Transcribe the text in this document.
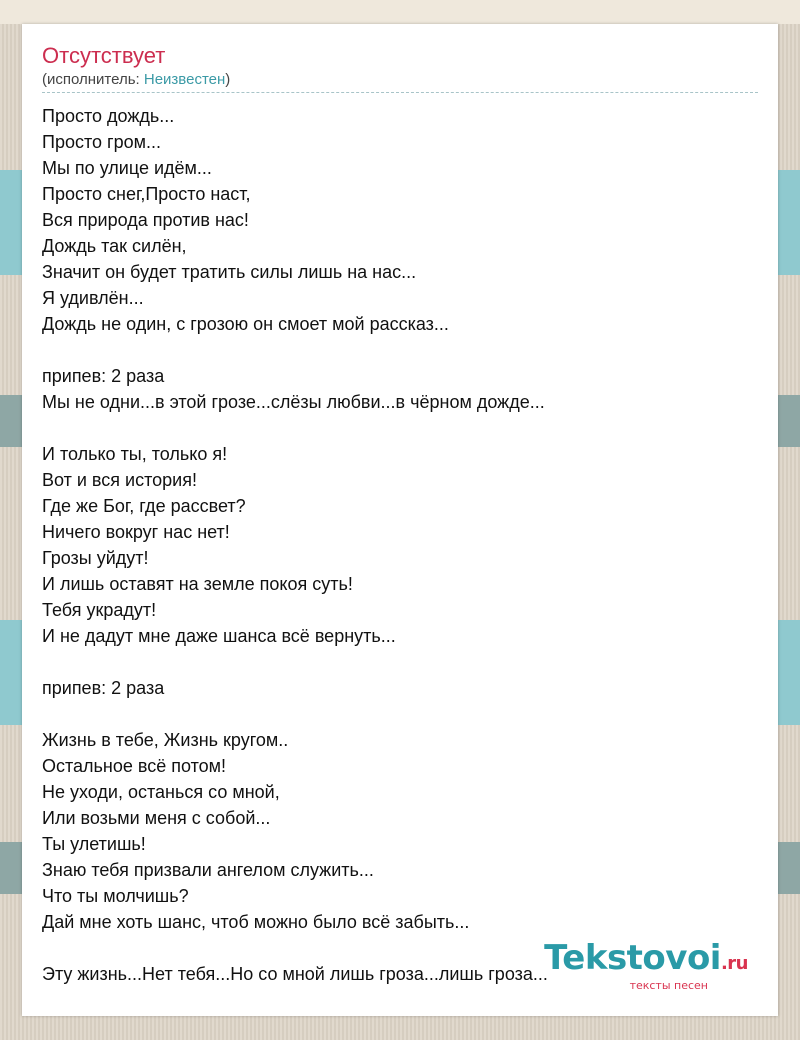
Отсутствует
(исполнитель: Неизвестен)
Просто дождь...
Просто гром...
Мы по улице идём...
Просто снег,Просто наст,
Вся природа против нас!
Дождь так силён,
Значит он будет тратить силы лишь на нас...
Я удивлён...
Дождь не один, с грозою он смоет мой рассказ...
припев: 2 раза
Мы не одни...в этой грозе...слёзы любви...в чёрном дожде...
И только ты, только я!
Вот и вся история!
Где же Бог, где рассвет?
Ничего вокруг нас нет!
Грозы уйдут!
И лишь оставят на земле покоя суть!
Тебя украдут!
И не дадут мне даже шанса всё вернуть...
припев: 2 раза
Жизнь в тебе, Жизнь кругом..
Остальное всё потом!
Не уходи, останься со мной,
Или возьми меня с собой...
Ты улетишь!
Знаю тебя призвали ангелом служить...
Что ты молчишь?
Дай мне хоть шанс, чтоб можно было всё забыть...
Эту жизнь...Нет тебя...Но со мной лишь гроза...лишь гроза...
Tekstovoi.ru
тексты песен
